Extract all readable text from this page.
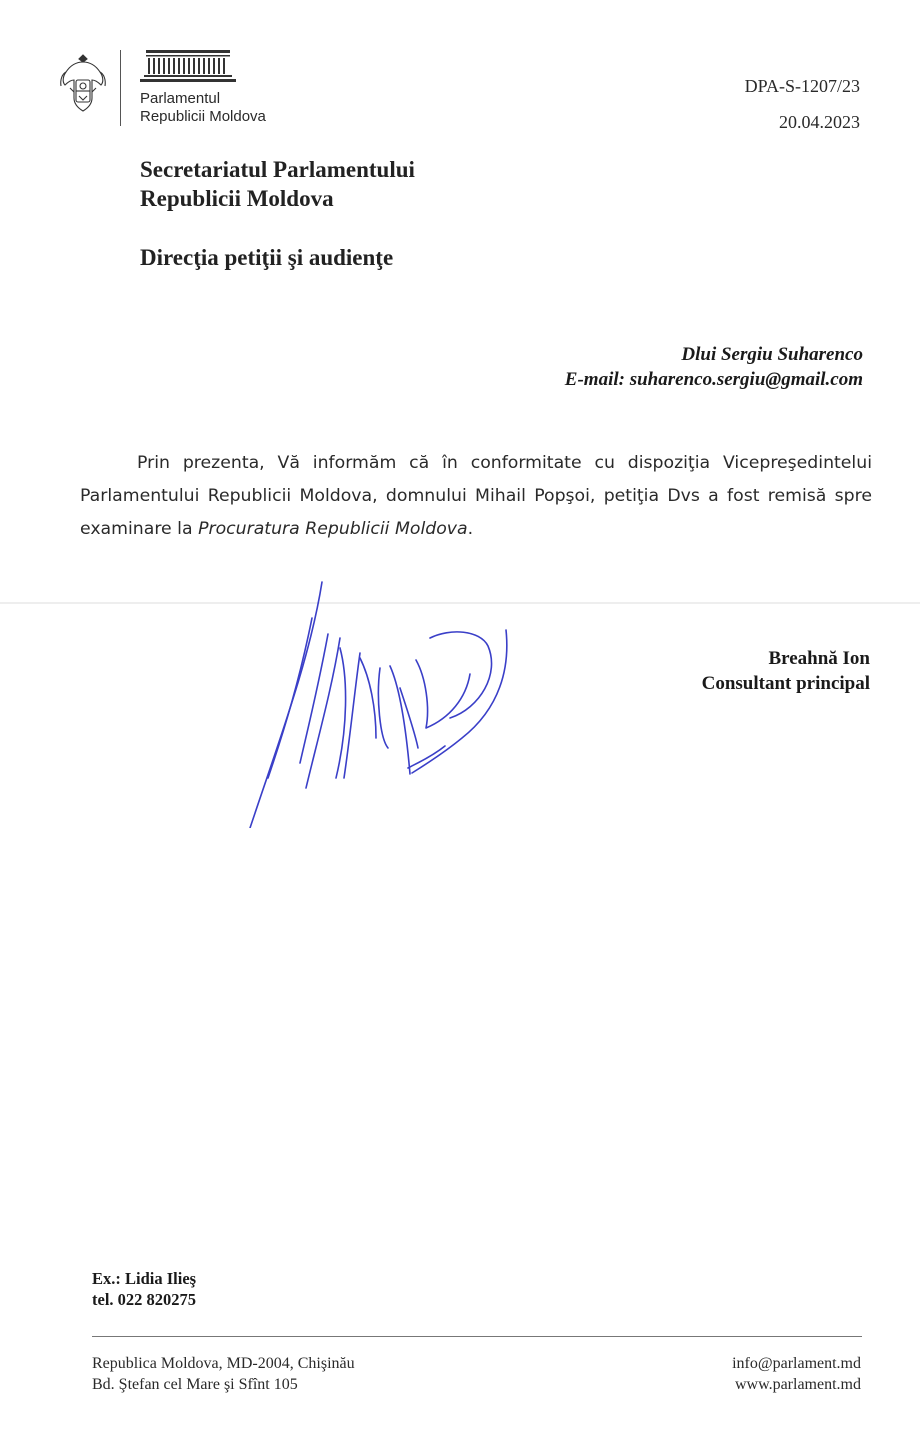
Parlamentul
Republicii Moldova
DPA-S-1207/23
20.04.2023
Secretariatul Parlamentului
Republicii Moldova
Direcţia petiţii şi audienţe
Dlui Sergiu Suharenco
E-mail: suharenco.sergiu@gmail.com

Prin prezenta, Vă informăm că în conformitate cu dispoziţia Vicepreşedintelui Parlamentului Republicii Moldova, domnului Mihail Popşoi, petiţia Dvs a fost remisă spre examinare la Procuratura Republicii Moldova.

Breahnă Ion
Consultant principal
Ex.: Lidia Ilieş
tel. 022 820275
Republica Moldova, MD-2004, Chişinău
Bd. Ştefan cel Mare şi Sfînt 105
info@parlament.md
www.parlament.md
